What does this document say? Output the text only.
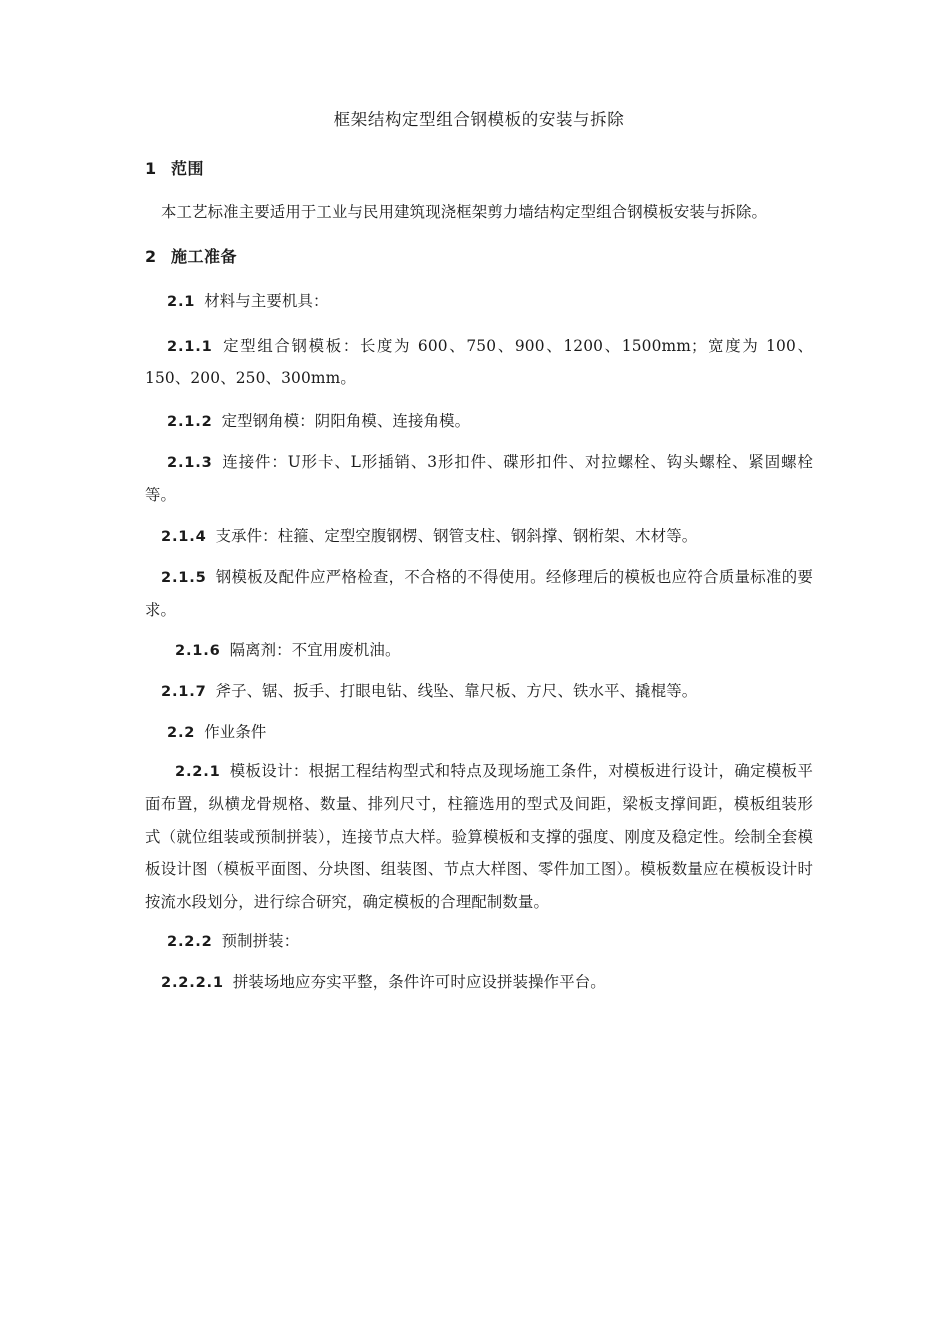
框架结构定型组合钢模板的安装与拆除
1 范围
本工艺标准主要适用于工业与民用建筑现浇框架剪力墙结构定型组合钢模板安装与拆除。
2 施工准备
2.1 材料与主要机具：
2.1.1 定型组合钢模板：长度为 600、750、900、1200、1500mm；宽度为 100、150、200、250、300mm。
2.1.2 定型钢角模：阴阳角模、连接角模。
2.1.3 连接件：U形卡、L形插销、3形扣件、碟形扣件、对拉螺栓、钩头螺栓、紧固螺栓等。
2.1.4 支承件：柱箍、定型空腹钢楞、钢管支柱、钢斜撑、钢桁架、木材等。
2.1.5 钢模板及配件应严格检查，不合格的不得使用。经修理后的模板也应符合质量标准的要求。
2.1.6 隔离剂：不宜用废机油。
2.1.7 斧子、锯、扳手、打眼电钻、线坠、靠尺板、方尺、铁水平、撬棍等。
2.2 作业条件
2.2.1 模板设计：根据工程结构型式和特点及现场施工条件，对模板进行设计，确定模板平面布置，纵横龙骨规格、数量、排列尺寸，柱箍选用的型式及间距，梁板支撑间距，模板组装形式（就位组装或预制拼装），连接节点大样。验算模板和支撑的强度、刚度及稳定性。绘制全套模板设计图（模板平面图、分块图、组装图、节点大样图、零件加工图）。模板数量应在模板设计时按流水段划分，进行综合研究，确定模板的合理配制数量。
2.2.2 预制拼装：
2.2.2.1 拼装场地应夯实平整，条件许可时应设拼装操作平台。
